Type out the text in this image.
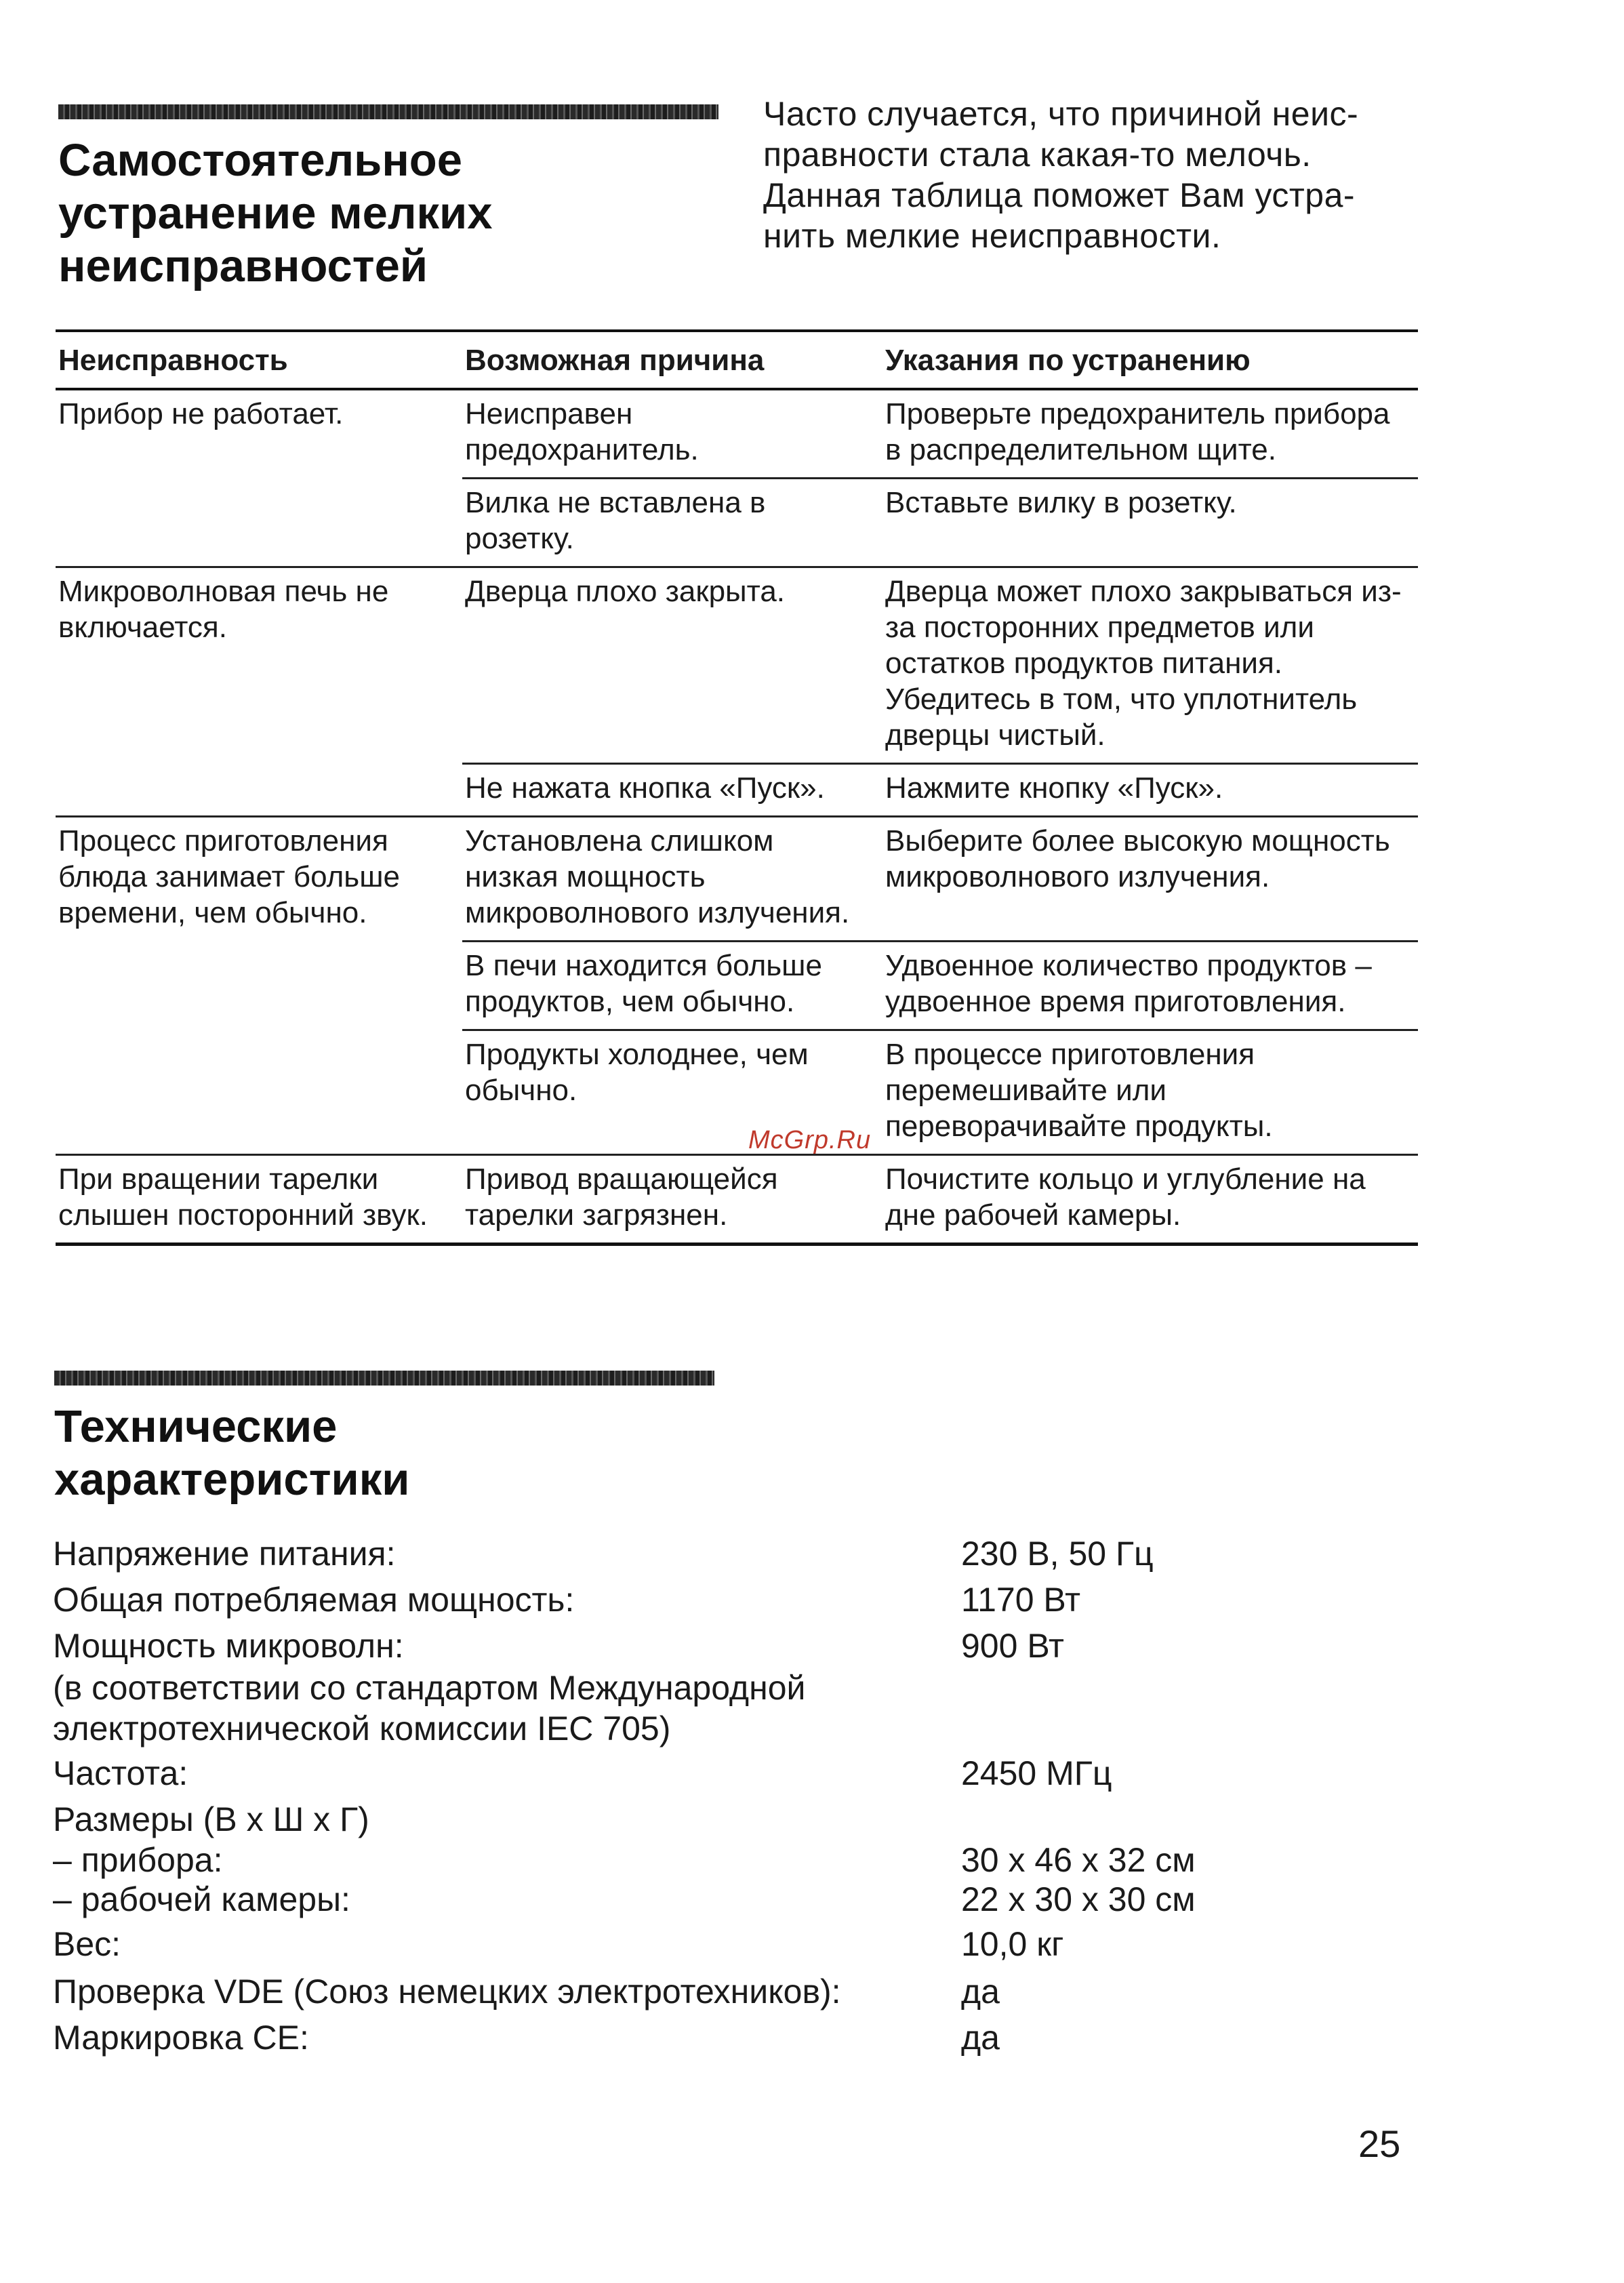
Самостоятельное
устранение мелких
неисправностей

Часто случается, что причиной неис-
правности стала какая-то мелочь.
Данная таблица поможет Вам устра-
нить мелкие неисправности.

Неисправность	Возможная причина	Указания по устранению
Прибор не работает.	Неисправен предохранитель.	Проверьте предохранитель прибора в распределительном щите.
	Вилка не вставлена в розетку.	Вставьте вилку в розетку.
Микроволновая печь не включается.	Дверца плохо закрыта.	Дверца может плохо закрываться из-за посторонних предметов или остатков продуктов питания. Убедитесь в том, что уплотнитель дверцы чистый.
	Не нажата кнопка «Пуск».	Нажмите кнопку «Пуск».
Процесс приготовления блюда занимает больше времени, чем обычно.	Установлена слишком низкая мощность микроволнового излучения.	Выберите более высокую мощность микроволнового излучения.
	В печи находится больше продуктов, чем обычно.	Удвоенное количество продуктов – удвоенное время приготовления.
	Продукты холоднее, чем обычно.	В процессе приготовления перемешивайте или переворачивайте продукты.
При вращении тарелки слышен посторонний звук.	Привод вращающейся тарелки загрязнен.	Почистите кольцо и углубление на дне рабочей камеры.
McGrp.Ru
Технические
характеристики
Напряжение питания:	230 В, 50 Гц
Общая потребляемая мощность:	1170 Вт
Мощность микроволн:	900 Вт
(в соответствии со стандартом Международной
электротехнической комиссии IEC 705)
Частота:	2450 МГц
Размеры (В x Ш x Г)
– прибора:	30 x 46 x 32 см
– рабочей камеры:	22 x 30 x 30 см
Вес:	10,0 кг
Проверка VDE (Союз немецких электротехников):	да
Маркировка CE:	да
25
